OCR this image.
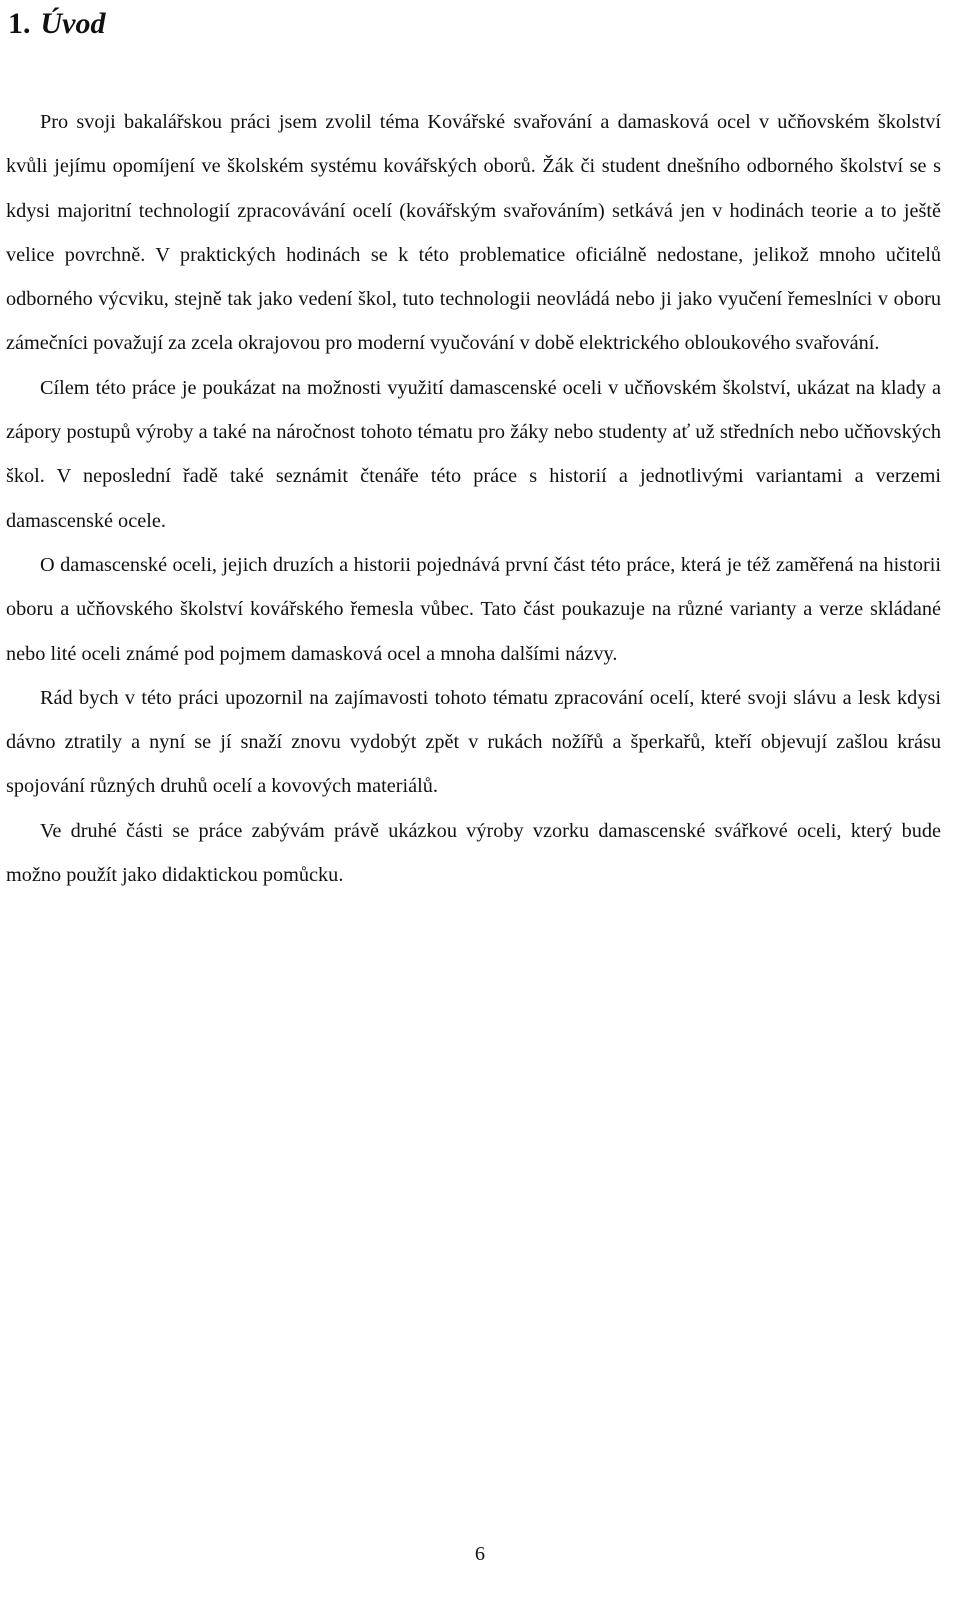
1. Úvod

Pro svoji bakalářskou práci jsem zvolil téma Kovářské svařování a damasková ocel v učňovském školství kvůli jejímu opomíjení ve školském systému kovářských oborů. Žák či student dnešního odborného školství se s kdysi majoritní technologií zpracovávání ocelí (kovářským svařováním) setkává jen v hodinách teorie a to ještě velice povrchně. V praktických hodinách se k této problematice oficiálně nedostane, jelikož mnoho učitelů odborného výcviku, stejně tak jako vedení škol, tuto technologii neovládá nebo ji jako vyučení řemeslníci v oboru zámečníci považují za zcela okrajovou pro moderní vyučování v době elektrického obloukového svařování.

Cílem této práce je poukázat na možnosti využití damascenské oceli v učňovském školství, ukázat na klady a zápory postupů výroby a také na náročnost tohoto tématu pro žáky nebo studenty ať už středních nebo učňovských škol. V neposlední řadě také seznámit čtenáře této práce s historií a jednotlivými variantami a verzemi damascenské ocele.

O damascenské oceli, jejich druzích a historii pojednává první část této práce, která je též zaměřená na historii oboru a učňovského školství kovářského řemesla vůbec. Tato část poukazuje na různé varianty a verze skládané nebo lité oceli známé pod pojmem damasková ocel a mnoha dalšími názvy.

Rád bych v této práci upozornil na zajímavosti tohoto tématu zpracování ocelí, které svoji slávu a lesk kdysi dávno ztratily a nyní se jí snaží znovu vydobýt zpět v rukách nožířů a šperkařů, kteří objevují zašlou krásu spojování různých druhů ocelí a kovových materiálů.

Ve druhé části se práce zabývám právě ukázkou výroby vzorku damascenské svářkové oceli, který bude možno použít jako didaktickou pomůcku.

6
